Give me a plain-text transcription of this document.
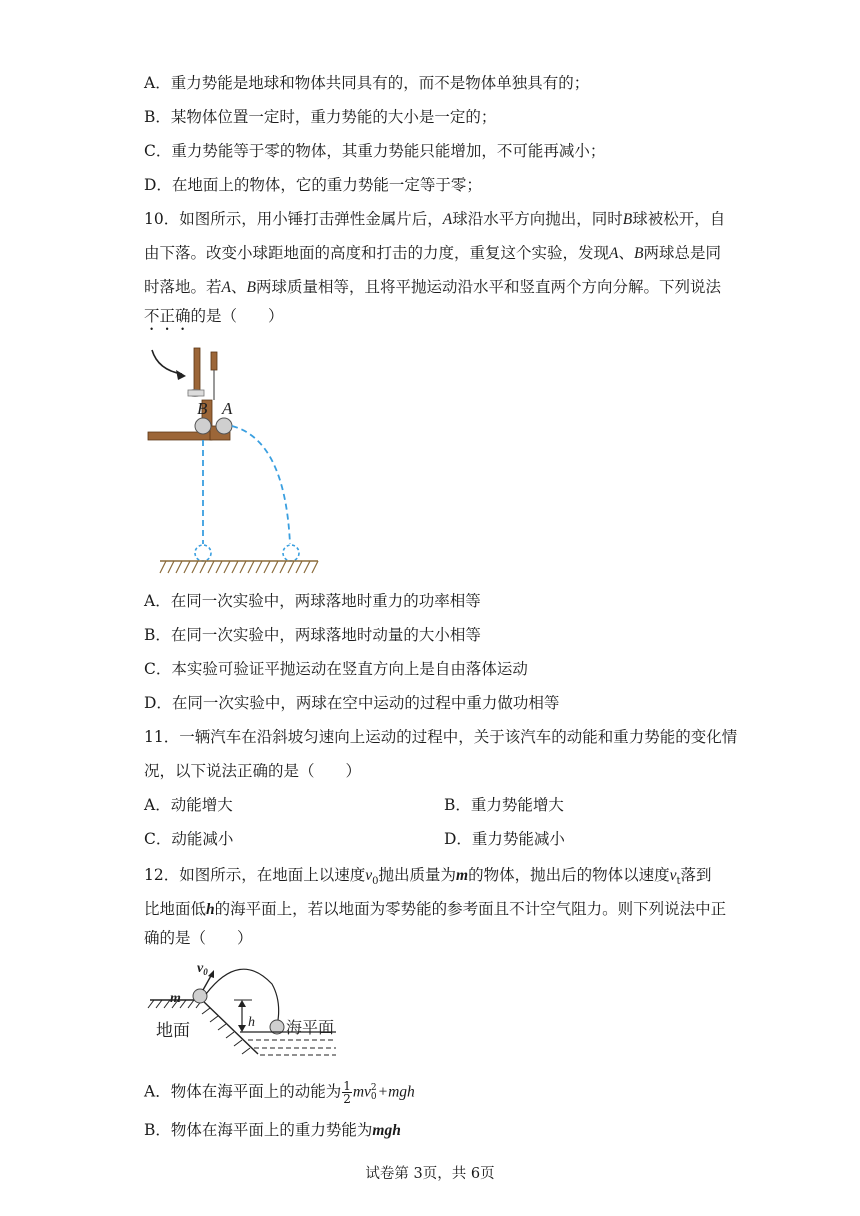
A．重力势能是地球和物体共同具有的，而不是物体单独具有的；
B．某物体位置一定时，重力势能的大小是一定的；
C．重力势能等于零的物体，其重力势能只能增加，不可能再减小；
D．在地面上的物体，它的重力势能一定等于零；
10．如图所示，用小锤打击弹性金属片后，A球沿水平方向抛出，同时B球被松开，自
由下落。改变小球距地面的高度和打击的力度，重复这个实验，发现A、B两球总是同
时落地。若A、B两球质量相等，且将平抛运动沿水平和竖直两个方向分解。下列说法
不正确的是（　　）
B A
A．在同一次实验中，两球落地时重力的功率相等
B．在同一次实验中，两球落地时动量的大小相等
C．本实验可验证平抛运动在竖直方向上是自由落体运动
D．在同一次实验中，两球在空中运动的过程中重力做功相等
11．一辆汽车在沿斜坡匀速向上运动的过程中，关于该汽车的动能和重力势能的变化情
况，以下说法正确的是（　　）
A．动能增大	B．重力势能增大
C．动能减小	D．重力势能减小
12．如图所示，在地面上以速度$v_0$抛出质量为m的物体，抛出后的物体以速度$v_t$落到
比地面低h的海平面上，若以地面为零势能的参考面且不计空气阻力。则下列说法中正
确的是（　　）
$v_0$
m
h
地面	海平面
A．物体在海平面上的动能为 $\frac{1}{2}$ mv 2
0 +mgh
B．物体在海平面上的重力势能为mgh
试卷第 3页，共 6页
